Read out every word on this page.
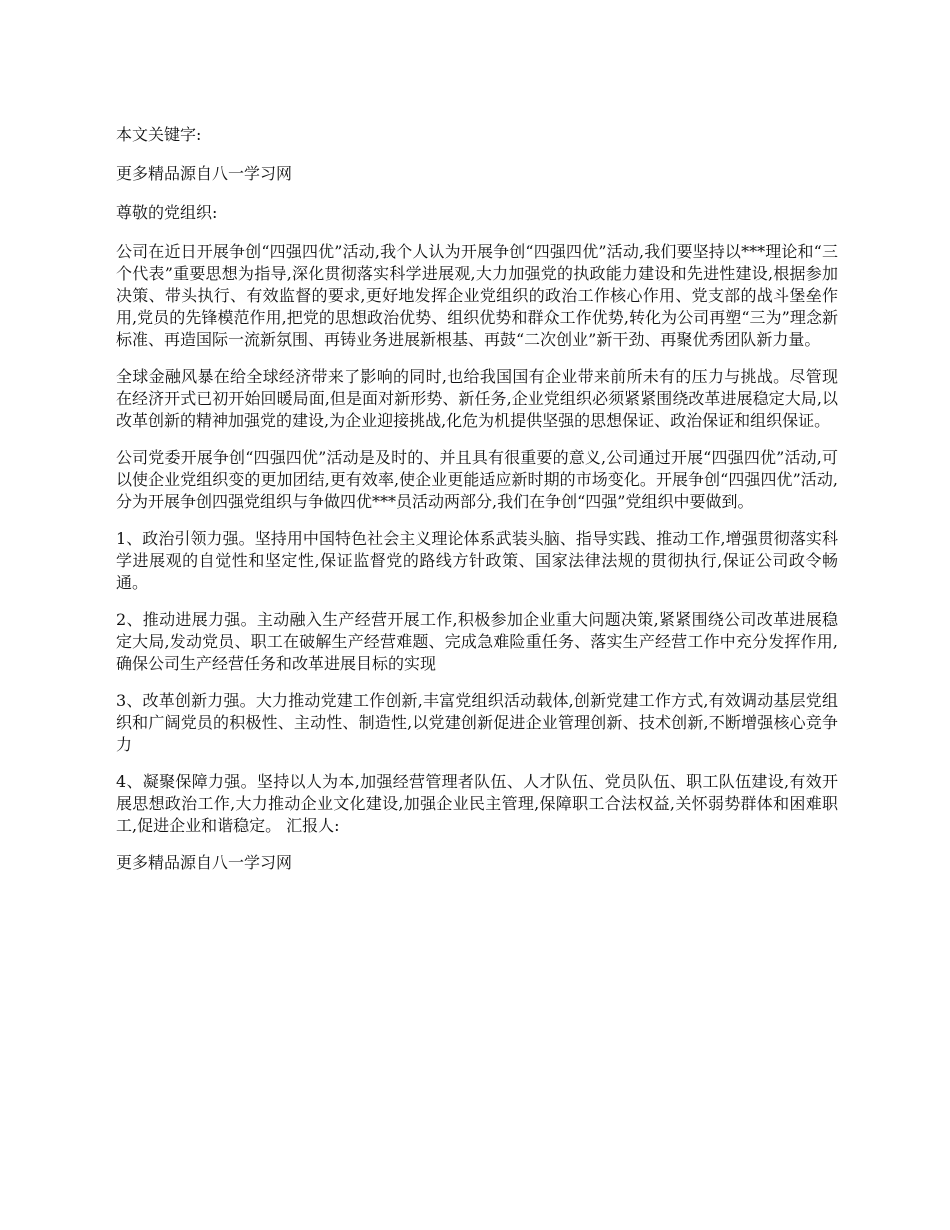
本文关键字:

更多精品源自八一学习网

尊敬的党组织:

公司在近日开展争创“四强四优”活动,我个人认为开展争创“四强四优”活动,我们要坚持以***理论和“三个代表”重要思想为指导,深化贯彻落实科学进展观,大力加强党的执政能力建设和先进性建设,根据参加决策、带头执行、有效监督的要求,更好地发挥企业党组织的政治工作核心作用、党支部的战斗堡垒作用,党员的先锋模范作用,把党的思想政治优势、组织优势和群众工作优势,转化为公司再塑“三为”理念新标准、再造国际一流新氛围、再铸业务进展新根基、再鼓“二次创业”新干劲、再聚优秀团队新力量。

全球金融风暴在给全球经济带来了影响的同时,也给我国国有企业带来前所未有的压力与挑战。尽管现在经济开式已初开始回暖局面,但是面对新形势、新任务,企业党组织必须紧紧围绕改革进展稳定大局,以改革创新的精神加强党的建设,为企业迎接挑战,化危为机提供坚强的思想保证、政治保证和组织保证。

公司党委开展争创“四强四优”活动是及时的、并且具有很重要的意义,公司通过开展“四强四优”活动,可以使企业党组织变的更加团结,更有效率,使企业更能适应新时期的市场变化。开展争创“四强四优”活动,分为开展争创四强党组织与争做四优***员活动两部分,我们在争创“四强”党组织中要做到。

1、政治引领力强。坚持用中国特色社会主义理论体系武装头脑、指导实践、推动工作,增强贯彻落实科学进展观的自觉性和坚定性,保证监督党的路线方针政策、国家法律法规的贯彻执行,保证公司政令畅通。

2、推动进展力强。主动融入生产经营开展工作,积极参加企业重大问题决策,紧紧围绕公司改革进展稳定大局,发动党员、职工在破解生产经营难题、完成急难险重任务、落实生产经营工作中充分发挥作用,确保公司生产经营任务和改革进展目标的实现

3、改革创新力强。大力推动党建工作创新,丰富党组织活动载体,创新党建工作方式,有效调动基层党组织和广阔党员的积极性、主动性、制造性,以党建创新促进企业管理创新、技术创新,不断增强核心竞争力

4、凝聚保障力强。坚持以人为本,加强经营管理者队伍、人才队伍、党员队伍、职工队伍建设,有效开展思想政治工作,大力推动企业文化建设,加强企业民主管理,保障职工合法权益,关怀弱势群体和困难职工,促进企业和谐稳定。 汇报人:

更多精品源自八一学习网
